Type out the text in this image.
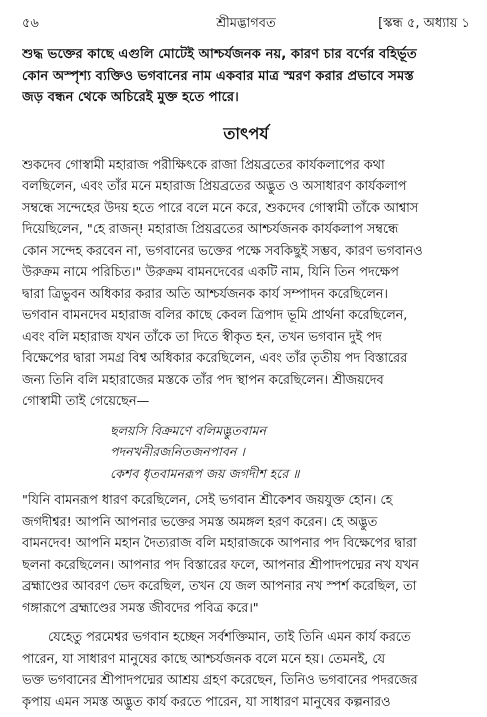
৫৬	শ্রীমদ্ভাগবত	[স্কন্ধ ৫, অধ্যায় ১
শুদ্ধ ভক্তের কাছে এগুলি মোটেই আশ্চর্যজনক নয়, কারণ চার বর্ণের বহির্ভূত
কোন অস্পৃশ্য ব্যক্তিও ভগবানের নাম একবার মাত্র স্মরণ করার প্রভাবে সমস্ত
জড় বন্ধন থেকে অচিরেই মুক্ত হতে পারে।
তাৎপর্য
শুকদেব গোস্বামী মহারাজ পরীক্ষিৎকে রাজা প্রিয়ব্রতের কার্যকলাপের কথা
বলছিলেন, এবং তাঁর মনে মহারাজ প্রিয়ব্রতের অদ্ভুত ও অসাধারণ কার্যকলাপ
সম্বন্ধে সন্দেহের উদয় হতে পারে বলে মনে করে, শুকদেব গোস্বামী তাঁকে আশ্বাস
দিয়েছিলেন, "হে রাজন্! মহারাজ প্রিয়ব্রতের আশ্চর্যজনক কার্যকলাপ সম্বন্ধে
কোন সন্দেহ করবেন না, ভগবানের ভক্তের পক্ষে সবকিছুই সম্ভব, কারণ ভগবানও
উরুক্রম নামে পরিচিত।" উরুক্রম বামনদেবের একটি নাম, যিনি তিন পদক্ষেপ
দ্বারা ত্রিভুবন অধিকার করার অতি আশ্চর্যজনক কার্য সম্পাদন করেছিলেন।
ভগবান বামনদেব মহারাজ বলির কাছে কেবল ত্রিপাদ ভূমি প্রার্থনা করেছিলেন,
এবং বলি মহারাজ যখন তাঁকে তা দিতে স্বীকৃত হন, তখন ভগবান দুই পদ
বিক্ষেপের দ্বারা সমগ্র বিশ্ব অধিকার করেছিলেন, এবং তাঁর তৃতীয় পদ বিস্তারের
জন্য তিনি বলি মহারাজের মস্তকে তাঁর পদ স্থাপন করেছিলেন। শ্রীজয়দেব
গোস্বামী তাই গেয়েছেন—
ছলয়সি বিক্রমণে বলিমদ্ভুতবামন
পদনখনীরজনিতজনপাবন ।
কেশব ধৃতবামনরূপ জয় জগদীশ হরে ॥
"যিনি বামনরূপ ধারণ করেছিলেন, সেই ভগবান শ্রীকেশব জয়যুক্ত হোন। হে
জগদীশ্বর! আপনি আপনার ভক্তের সমস্ত অমঙ্গল হরণ করেন। হে অদ্ভুত
বামনদেব! আপনি মহান দৈত্যরাজ বলি মহারাজকে আপনার পদ বিক্ষেপের দ্বারা
ছলনা করেছিলেন। আপনার পদ বিস্তারের ফলে, আপনার শ্রীপাদপদ্মের নখ যখন
ব্রহ্মাণ্ডের আবরণ ভেদ করেছিল, তখন যে জল আপনার নখ স্পর্শ করেছিল, তা
গঙ্গারূপে ব্রহ্মাণ্ডের সমস্ত জীবদের পবিত্র করে।"
যেহেতু পরমেশ্বর ভগবান হচ্ছেন সর্বশক্তিমান, তাই তিনি এমন কার্য করতে
পারেন, যা সাধারণ মানুষের কাছে আশ্চর্যজনক বলে মনে হয়। তেমনই, যে
ভক্ত ভগবানের শ্রীপাদপদ্মের আশ্রয় গ্রহণ করেছেন, তিনিও ভগবানের পদরজের
কৃপায় এমন সমস্ত অদ্ভুত কার্য করতে পারেন, যা সাধারণ মানুষের কল্পনারও
